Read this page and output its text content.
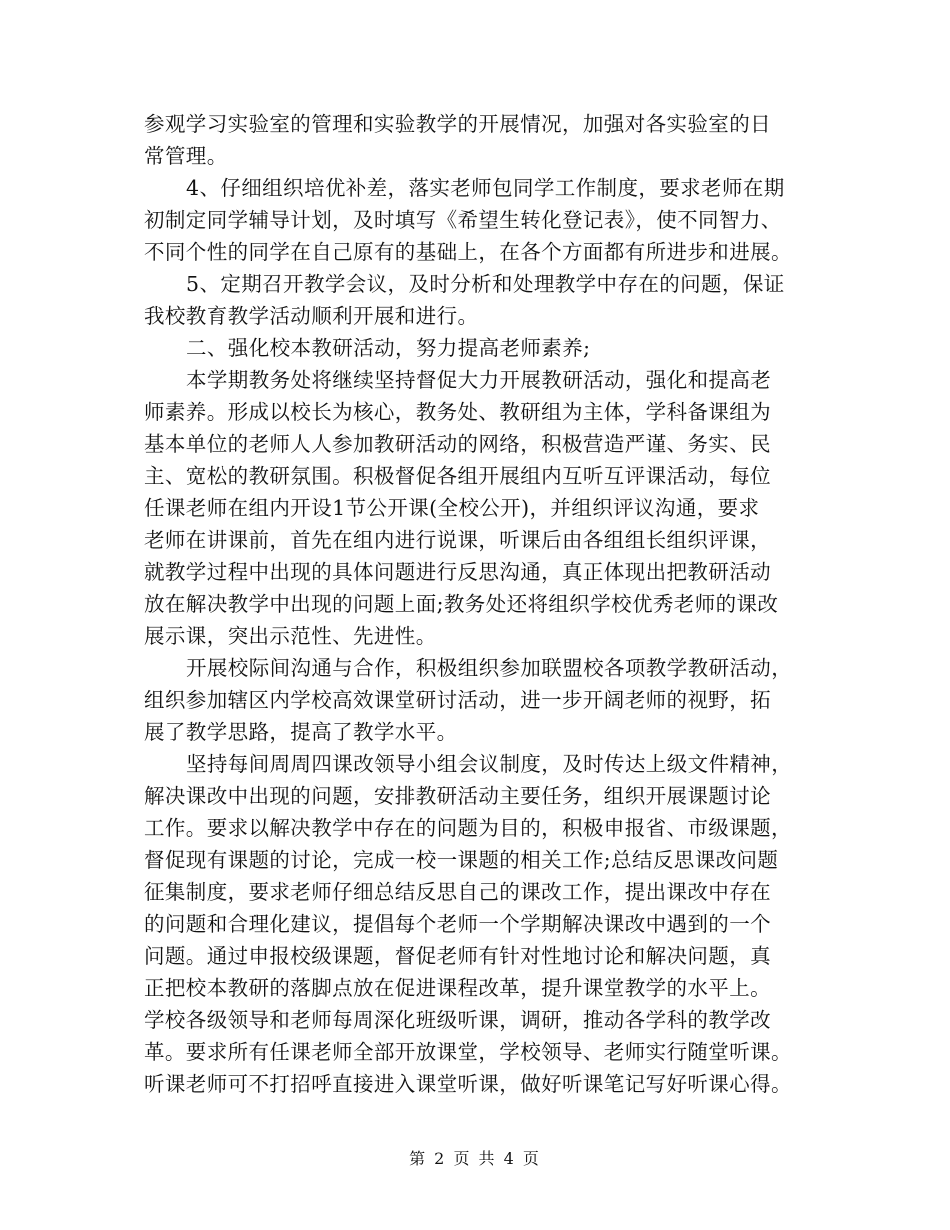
参观学习实验室的管理和实验教学的开展情况，加强对各实验室的日
常管理。
4、仔细组织培优补差，落实老师包同学工作制度，要求老师在期
初制定同学辅导计划，及时填写《希望生转化登记表》，使不同智力、
不同个性的同学在自己原有的基础上，在各个方面都有所进步和进展。
5、定期召开教学会议，及时分析和处理教学中存在的问题，保证
我校教育教学活动顺利开展和进行。
二、强化校本教研活动，努力提高老师素养;
本学期教务处将继续坚持督促大力开展教研活动，强化和提高老
师素养。形成以校长为核心，教务处、教研组为主体，学科备课组为
基本单位的老师人人参加教研活动的网络，积极营造严谨、务实、民
主、宽松的教研氛围。积极督促各组开展组内互听互评课活动，每位
任课老师在组内开设1节公开课(全校公开)，并组织评议沟通，要求
老师在讲课前，首先在组内进行说课，听课后由各组组长组织评课，
就教学过程中出现的具体问题进行反思沟通，真正体现出把教研活动
放在解决教学中出现的问题上面;教务处还将组织学校优秀老师的课改
展示课，突出示范性、先进性。
开展校际间沟通与合作，积极组织参加联盟校各项教学教研活动，
组织参加辖区内学校高效课堂研讨活动，进一步开阔老师的视野，拓
展了教学思路，提高了教学水平。
坚持每间周周四课改领导小组会议制度，及时传达上级文件精神，
解决课改中出现的问题，安排教研活动主要任务，组织开展课题讨论
工作。要求以解决教学中存在的问题为目的，积极申报省、市级课题，
督促现有课题的讨论，完成一校一课题的相关工作;总结反思课改问题
征集制度，要求老师仔细总结反思自己的课改工作，提出课改中存在
的问题和合理化建议，提倡每个老师一个学期解决课改中遇到的一个
问题。通过申报校级课题，督促老师有针对性地讨论和解决问题，真
正把校本教研的落脚点放在促进课程改革，提升课堂教学的水平上。
学校各级领导和老师每周深化班级听课，调研，推动各学科的教学改
革。要求所有任课老师全部开放课堂，学校领导、老师实行随堂听课。
听课老师可不打招呼直接进入课堂听课，做好听课笔记写好听课心得。
第 2 页 共 4 页
